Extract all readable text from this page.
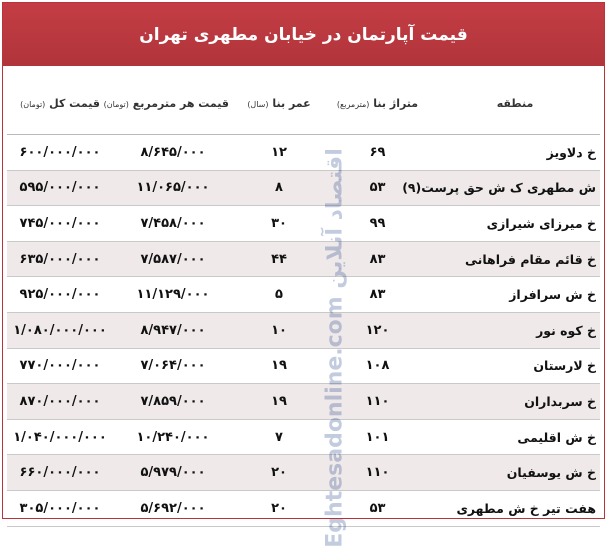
قیمت آپارتمان در خیابان مطهری تهران
منطقه	متراژ بنا (مترمربع)	عمر بنا (سال)	قیمت هر مترمربع (تومان)	قیمت کل (تومان)
خ دلاویز	۶۹	۱۲	۸/۶۴۵/۰۰۰	۶۰۰/۰۰۰/۰۰۰
ش مطهری ک ش حق پرست(۹)	۵۳	۸	۱۱/۰۶۵/۰۰۰	۵۹۵/۰۰۰/۰۰۰
خ میرزای شیرازی	۹۹	۳۰	۷/۴۵۸/۰۰۰	۷۴۵/۰۰۰/۰۰۰
خ قائم مقام فراهانی	۸۳	۴۴	۷/۵۸۷/۰۰۰	۶۳۵/۰۰۰/۰۰۰
خ ش سرافراز	۸۳	۵	۱۱/۱۲۹/۰۰۰	۹۲۵/۰۰۰/۰۰۰
خ کوه نور	۱۲۰	۱۰	۸/۹۴۷/۰۰۰	۱/۰۸۰/۰۰۰/۰۰۰
خ لارستان	۱۰۸	۱۹	۷/۰۶۴/۰۰۰	۷۷۰/۰۰۰/۰۰۰
خ سربداران	۱۱۰	۱۹	۷/۸۵۹/۰۰۰	۸۷۰/۰۰۰/۰۰۰
خ ش اقلیمی	۱۰۱	۷	۱۰/۲۴۰/۰۰۰	۱/۰۴۰/۰۰۰/۰۰۰
خ ش یوسفیان	۱۱۰	۲۰	۵/۹۷۹/۰۰۰	۶۶۰/۰۰۰/۰۰۰
هفت تیر خ ش مطهری	۵۳	۲۰	۵/۶۹۲/۰۰۰	۳۰۵/۰۰۰/۰۰۰	Eghtesadonline.com اقتصاد آنلاین
